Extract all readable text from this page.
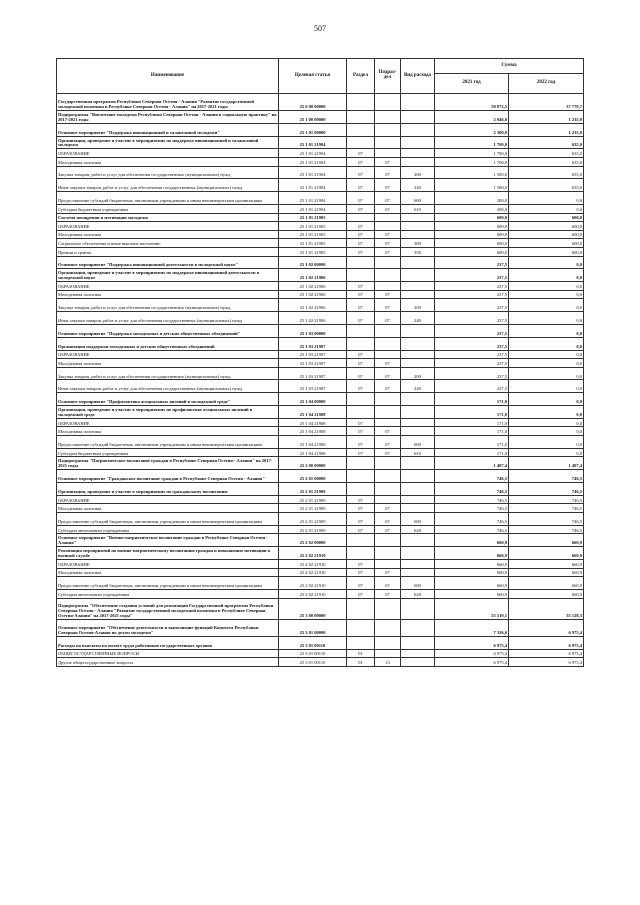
507
Наименование	Целевая статья	Раздел	Подраз-дел	Вид расхода	Сумма	
					2021 год	2022 год
Государственная программа Республики Северная Осетия - Алания "Развитие государственной молодежной политики в Республике Северная Осетия - Алания" на 2017-2021 годы	25 0 00 00000				59 872,5	37 770,7
Подпрограмма "Вовлечение молодежи Республики Северная Осетия - Алания в социальную практику" на 2017-2021 годы	25 1 00 00000				2 946,0	1 235,0
Основное мероприятие "Поддержка инновационной и талантливой молодежи"	25 1 01 00000				2 300,0	1 235,0
Организация, проведение и участие в мероприятиях по поддержке инновационной и талантливой молодежи	25 1 01 21904				1 700,0	635,0
ОБРАЗОВАНИЕ	25 1 01 21904	07			1 700,0	635,0
Молодежная политика	25 1 01 21904	07	07		1 700,0	635,0
Закупка товаров, работ и услуг для обеспечения государственных (муниципальных) нужд	25 1 01 21904	07	07	200	1 500,0	635,0
Иные закупки товаров, работ и услуг для обеспечения государственных (муниципальных) нужд	25 1 01 21904	07	07	240	1 500,0	635,0
Предоставление субсидий бюджетным, автономным учреждениям и иным некоммерческим организациям	25 1 01 21904	07	07	600	200,0	0,0
Субсидии бюджетным учреждениям	25 1 01 21904	07	07	610	200,0	0,0
Система поощрения и мотивации молодежи	25 1 01 21905				600,0	600,0
ОБРАЗОВАНИЕ	25 1 01 21905	07			600,0	600,0
Молодежная политика	25 1 01 21905	07	07		600,0	600,0
Социальное обеспечение и иные выплаты населению	25 1 01 21905	07	07	300	600,0	600,0
Премии и гранты	25 1 01 21905	07	07	350	600,0	600,0
Основное мероприятие "Поддержка инновационной деятельности в молодежной науке"	25 1 02 00000				237,5	0,0
Организация, проведение и участие в мероприятиях по поддержке инновационной деятельности в молодежной науке	25 1 02 21906				237,5	0,0
ОБРАЗОВАНИЕ	25 1 02 21906	07			237,5	0,0
Молодежная политика	25 1 02 21906	07	07		237,5	0,0
Закупка товаров, работ и услуг для обеспечения государственных (муниципальных) нужд	25 1 02 21906	07	07	200	237,5	0,0
Иные закупки товаров, работ и услуг для обеспечения государственных (муниципальных) нужд	25 1 02 21906	07	07	240	237,5	0,0
Основное мероприятие "Поддержка молодежных и детских общественных объединений"	25 1 03 00000				237,5	0,0
Организация поддержки молодежных и детских общественных объединений	25 1 03 21907				237,5	0,0
ОБРАЗОВАНИЕ	25 1 03 21907	07			237,5	0,0
Молодежная политика	25 1 03 21907	07	07		237,5	0,0
Закупка товаров, работ и услуг для обеспечения государственных (муниципальных) нужд	25 1 03 21907	07	07	200	237,5	0,0
Иные закупки товаров, работ и услуг для обеспечения государственных (муниципальных) нужд	25 1 03 21907	07	07	240	237,5	0,0
Основное мероприятие "Профилактика асоциальных явлений в молодежной среде"	25 1 04 00000				171,0	0,0
Организация, проведение и участие в мероприятиях по профилактике асоциальных явлений в молодежной среде	25 1 04 21908				171,0	0,0
ОБРАЗОВАНИЕ	25 1 04 21908	07			171,0	0,0
Молодежная политика	25 1 04 21908	07	07		171,0	0,0
Предоставление субсидий бюджетным, автономным учреждениям и иным некоммерческим организациям	25 1 04 21908	07	07	600	171,0	0,0
Субсидии бюджетным учреждениям	25 1 04 21908	07	07	610	171,0	0,0
Подпрограмма "Патриотическое воспитание граждан в Республике Северная Осетия - Алания" на 2017-2021 годы	25 2 00 00000				1 407,4	1 407,4
Основное мероприятие "Гражданское воспитание граждан в Республике Северная Осетия - Алания"	25 2 01 00000				746,5	746,5
Организация, проведение и участие в мероприятиях по гражданскому воспитанию	25 2 01 21909				746,5	746,5
ОБРАЗОВАНИЕ	25 2 01 21909	07			746,5	746,5
Молодежная политика	25 2 01 21909	07	07		746,5	746,5
Предоставление субсидий бюджетным, автономным учреждениям и иным некоммерческим организациям	25 2 01 21909	07	07	600	746,5	746,5
Субсидии автономным учреждениям	25 2 01 21909	07	07	620	746,5	746,5
Основное мероприятие "Военно-патриотическое воспитание граждан в Республике Северная Осетия - Алания"	25 2 02 00000				660,9	660,9
Реализация мероприятий по военно-патриотическому воспитанию граждан и повышению мотивации к военной службе	25 2 02 21910				660,9	660,9
ОБРАЗОВАНИЕ	25 2 02 21910	07			660,9	660,9
Молодежная политика	25 2 02 21910	07	07		660,9	660,9
Предоставление субсидий бюджетным, автономным учреждениям и иным некоммерческим организациям	25 2 02 21910	07	07	600	660,9	660,9
Субсидии автономным учреждениям	25 2 02 21910	07	07	620	660,9	660,9
Подпрограмма "Обеспечение создания условий для реализации Государственной программы Республики Северная Осетия - Алания "Развитие государственной молодежной политики в Республике Северная Осетия-Алания" на 2017-2021 годы"	25 3 00 00000				55 519,1	35 128,3
Основное мероприятие "Обеспечение деятельности и выполнение функций Комитета Республики Северная Осетия-Алания по делам молодежи"	25 3 01 00000				7 326,6	6 975,4
Расходы на выплаты по оплате труда работников государственных органов	25 3 01 00110				6 975,4	6 975,4
ОБЩЕГОСУДАРСТВЕННЫЕ ВОПРОСЫ	25 3 01 00110	01			6 975,4	6 975,4
Другие общегосударственные вопросы	25 3 01 00110	01	13		6 975,4	6 975,4
